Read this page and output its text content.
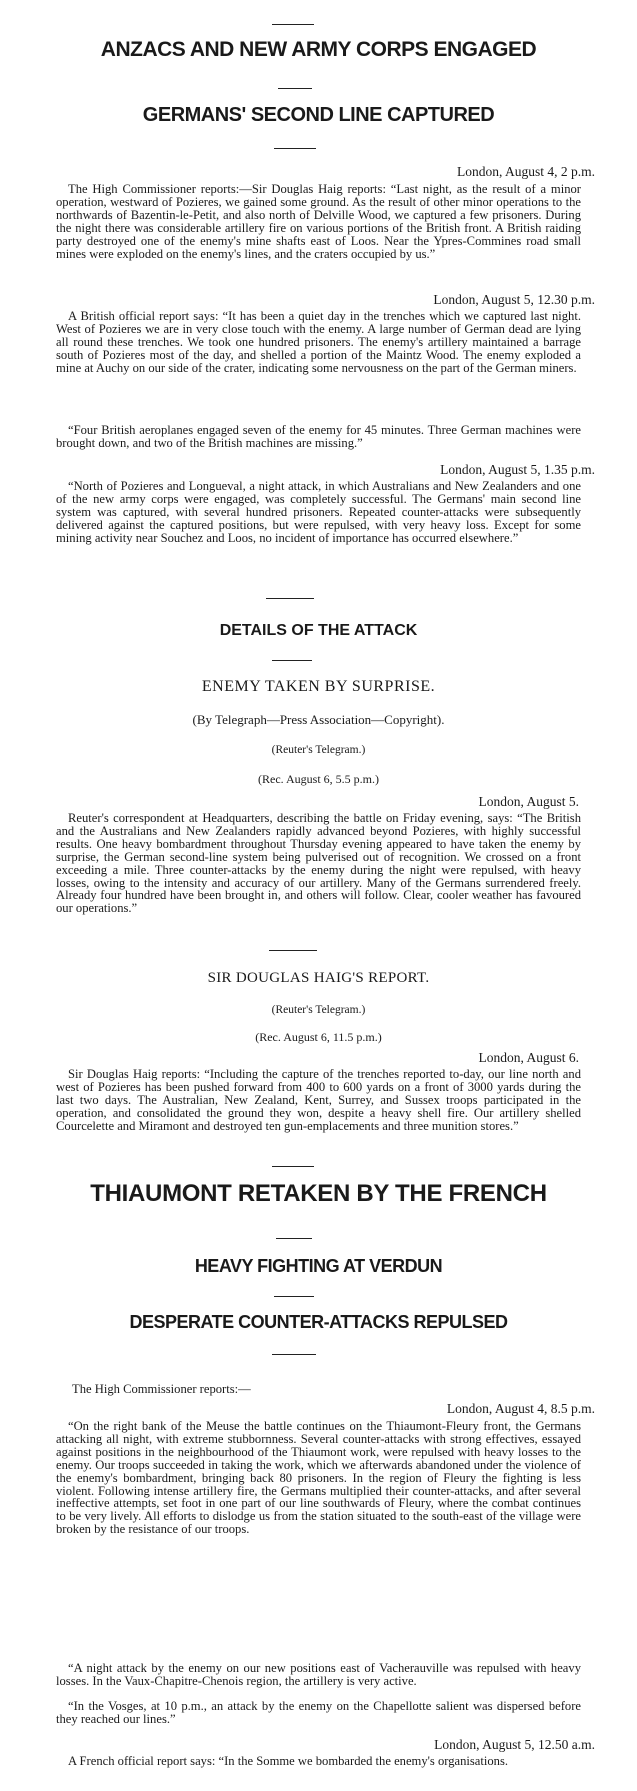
ANZACS AND NEW ARMY CORPS ENGAGED
GERMANS' SECOND LINE CAPTURED
London, August 4, 2 p.m.

The High Commissioner reports:—Sir Douglas Haig reports: “Last night, as the result of a minor operation, westward of Pozieres, we gained some ground. As the result of other minor operations to the northwards of Bazentin-le-Petit, and also north of Delville Wood, we captured a few prisoners. During the night there was considerable artillery fire on various portions of the British front. A British raiding party destroyed one of the enemy's mine shafts east of Loos. Near the Ypres-Commines road small mines were exploded on the enemy's lines, and the craters occupied by us.”

London, August 5, 12.30 p.m.

A British official report says: “It has been a quiet day in the trenches which we captured last night. West of Pozieres we are in very close touch with the enemy. A large number of German dead are lying all round these trenches. We took one hundred prisoners. The enemy's artillery maintained a barrage south of Pozieres most of the day, and shelled a portion of the Maintz Wood. The enemy exploded a mine at Auchy on our side of the crater, indicating some nervousness on the part of the German miners.

“Four British aeroplanes engaged seven of the enemy for 45 minutes. Three German machines were brought down, and two of the British machines are missing.”

London, August 5, 1.35 p.m.

“North of Pozieres and Longueval, a night attack, in which Australians and New Zealanders and one of the new army corps were engaged, was completely successful. The Germans' main second line system was captured, with several hundred prisoners. Repeated counter-attacks were subsequently delivered against the captured positions, but were repulsed, with very heavy loss. Except for some mining activity near Souchez and Loos, no incident of importance has occurred elsewhere.”

DETAILS OF THE ATTACK
ENEMY TAKEN BY SURPRISE.
(By Telegraph—Press Association—Copyright).
(Reuter's Telegram.)
(Rec. August 6, 5.5 p.m.)
London, August 5.

Reuter's correspondent at Headquarters, describing the battle on Friday evening, says: “The British and the Australians and New Zealanders rapidly advanced beyond Pozieres, with highly successful results. One heavy bombardment throughout Thursday evening appeared to have taken the enemy by surprise, the German second-line system being pulverised out of recognition. We crossed on a front exceeding a mile. Three counter-attacks by the enemy during the night were repulsed, with heavy losses, owing to the intensity and accuracy of our artillery. Many of the Germans surrendered freely. Already four hundred have been brought in, and others will follow. Clear, cooler weather has favoured our operations.”

SIR DOUGLAS HAIG'S REPORT.
(Reuter's Telegram.)
(Rec. August 6, 11.5 p.m.)
London, August 6.

Sir Douglas Haig reports: “Including the capture of the trenches reported to-day, our line north and west of Pozieres has been pushed forward from 400 to 600 yards on a front of 3000 yards during the last two days. The Australian, New Zealand, Kent, Surrey, and Sussex troops participated in the operation, and consolidated the ground they won, despite a heavy shell fire. Our artillery shelled Courcelette and Miramont and destroyed ten gun-emplacements and three munition stores.”

THIAUMONT RETAKEN BY THE FRENCH
HEAVY FIGHTING AT VERDUN
DESPERATE COUNTER-ATTACKS REPULSED

The High Commissioner reports:—

London, August 4, 8.5 p.m.

“On the right bank of the Meuse the battle continues on the Thiaumont-Fleury front, the Germans attacking all night, with extreme stubbornness. Several counter-attacks with strong effectives, essayed against positions in the neighbourhood of the Thiaumont work, were repulsed with heavy losses to the enemy. Our troops succeeded in taking the work, which we afterwards abandoned under the violence of the enemy's bombardment, bringing back 80 prisoners. In the region of Fleury the fighting is less violent. Following intense artillery fire, the Germans multiplied their counter-attacks, and after several ineffective attempts, set foot in one part of our line southwards of Fleury, where the combat continues to be very lively. All efforts to dislodge us from the station situated to the south-east of the village were broken by the resistance of our troops.

“A night attack by the enemy on our new positions east of Vacherauville was repulsed with heavy losses. In the Vaux-Chapitre-Chenois region, the artillery is very active.

“In the Vosges, at 10 p.m., an attack by the enemy on the Chapellotte salient was dispersed before they reached our lines.”

London, August 5, 12.50 a.m.

A French official report says: “In the Somme we bombarded the enemy's organisations.
